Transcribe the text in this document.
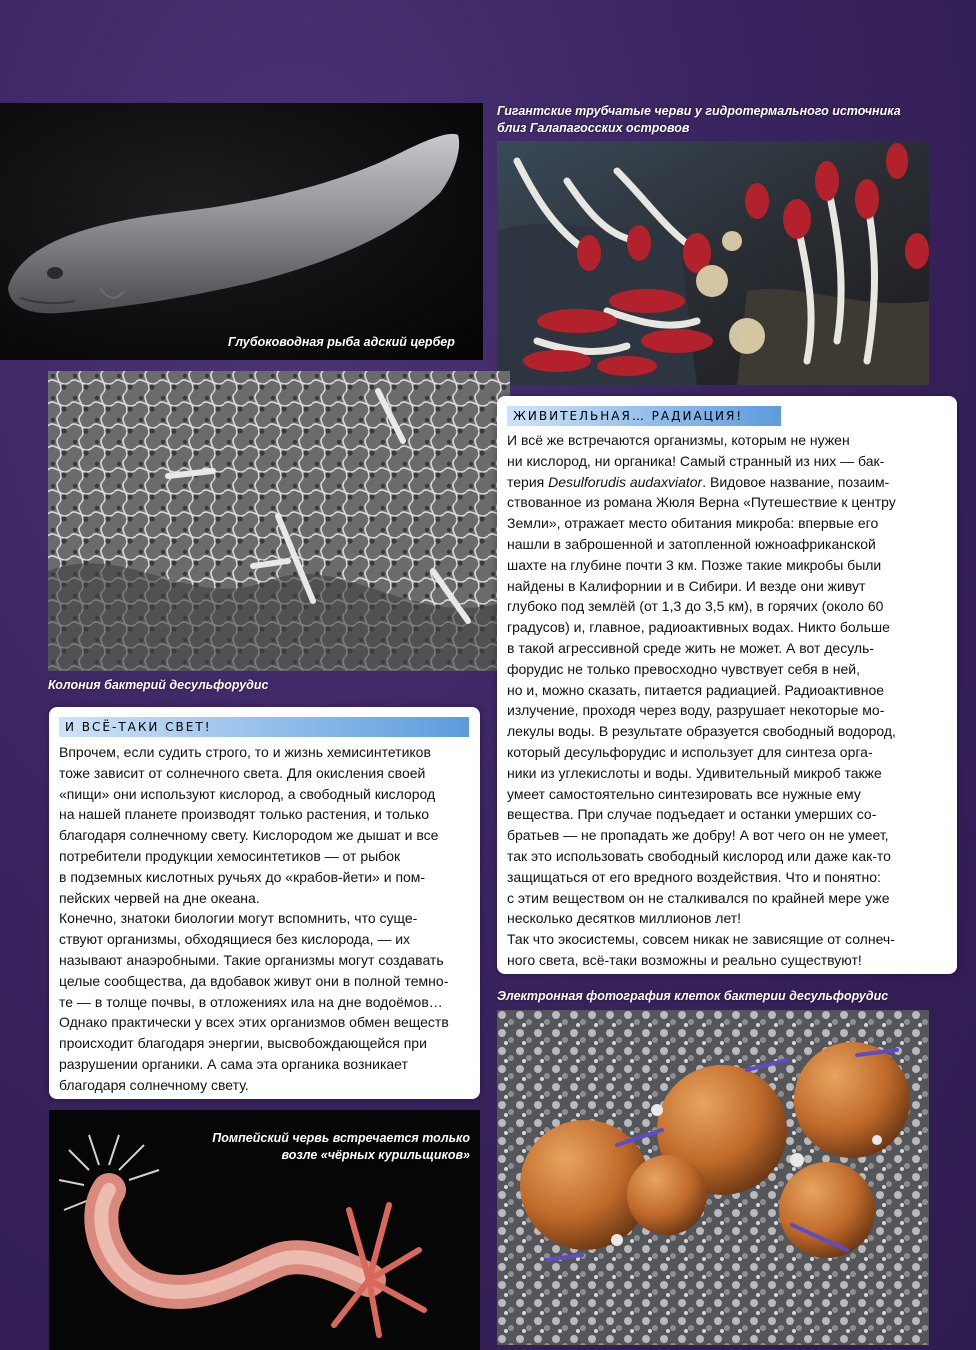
Глубоководная рыба адский цербер
Гигантские трубчатые черви у гидротермального источника
близ Галапагосских островов
Колония бактерий десульфорудис
ЖИВИТЕЛЬНАЯ… РАДИАЦИЯ!

И всё же встречаются организмы, которым не нужен
ни кислород, ни органика! Самый странный из них — бак-
терия Desulforudis audaxviator. Видовое название, позаим-
ствованное из романа Жюля Верна «Путешествие к центру
Земли», отражает место обитания микроба: впервые его
нашли в заброшенной и затопленной южноафриканской
шахте на глубине почти 3 км. Позже такие микробы были
найдены в Калифорнии и в Сибири. И везде они живут
глубоко под землёй (от 1,3 до 3,5 км), в горячих (около 60
градусов) и, главное, радиоактивных водах. Никто больше
в такой агрессивной среде жить не может. А вот десуль-
форудис не только превосходно чувствует себя в ней,
но и, можно сказать, питается радиацией. Радиоактивное
излучение, проходя через воду, разрушает некоторые мо-
лекулы воды. В результате образуется свободный водород,
который десульфорудис и использует для синтеза орга-
ники из углекислоты и воды. Удивительный микроб также
умеет самостоятельно синтезировать все нужные ему
вещества. При случае подъедает и останки умерших со-
братьев — не пропадать же добру! А вот чего он не умеет,
так это использовать свободный кислород или даже как-то
защищаться от его вредного воздействия. Что и понятно:
с этим веществом он не сталкивался по крайней мере уже
несколько десятков миллионов лет!

Так что экосистемы, совсем никак не зависящие от солнеч-
ного света, всё-таки возможны и реально существуют!

И ВСЁ-ТАКИ СВЕТ!

Впрочем, если судить строго, то и жизнь хемисинтетиков
тоже зависит от солнечного света. Для окисления своей
«пищи» они используют кислород, а свободный кислород
на нашей планете производят только растения, и только
благодаря солнечному свету. Кислородом же дышат и все
потребители продукции хемосинтетиков — от рыбок
в подземных кислотных ручьях до «крабов-йети» и пом-
пейских червей на дне океана.

Конечно, знатоки биологии могут вспомнить, что суще-
ствуют организмы, обходящиеся без кислорода, — их
называют анаэробными. Такие организмы могут создавать
целые сообщества, да вдобавок живут они в полной темно-
те — в толще почвы, в отложениях ила на дне водоёмов…
Однако практически у всех этих организмов обмен веществ
происходит благодаря энергии, высвобождающейся при
разрушении органики. А сама эта органика возникает
благодаря солнечному свету.

Электронная фотография клеток бактерии десульфорудис
Помпейский червь встречается только
возле «чёрных курильщиков»
